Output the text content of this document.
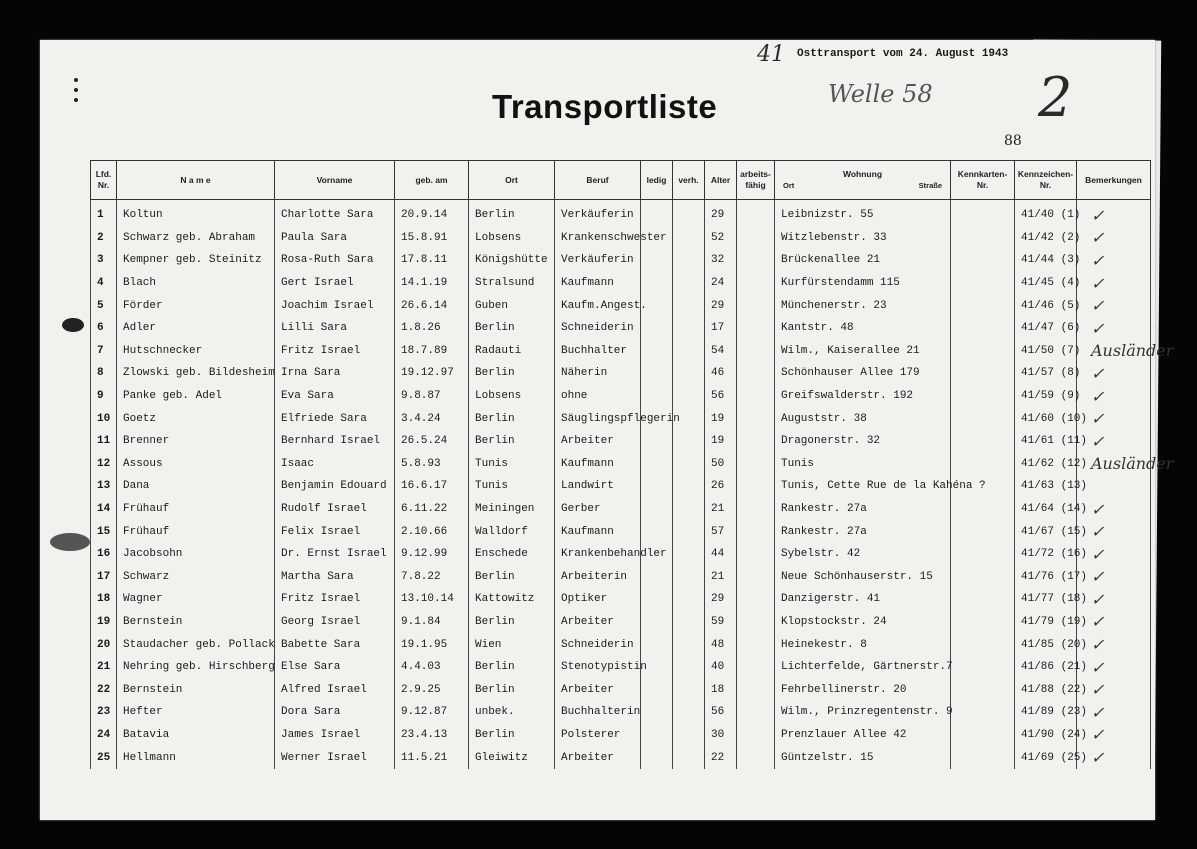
Osttransport vom 24. August 1943
41
Transportliste	Welle 58 2
88
Lfd. Nr.	N a m e	Vorname	geb. am	Ort	Beruf	ledig	verh.	Alter	arbeits- fähig	Wohnung
Ort Straße	Kennkarten- Nr.	Kennzeichen- Nr.	Bemerkungen
1	Koltun	Charlotte Sara	20.9.14	Berlin	Verkäuferin			29		Leibnizstr. 55		41/40 (1)	✓
2	Schwarz geb. Abraham	Paula Sara	15.8.91	Lobsens	Krankenschwester			52		Witzlebenstr. 33		41/42 (2)	✓
3	Kempner geb. Steinitz	Rosa-Ruth Sara	17.8.11	Königshütte	Verkäuferin			32		Brückenallee 21		41/44 (3)	✓
4	Blach	Gert Israel	14.1.19	Stralsund	Kaufmann			24		Kurfürstendamm 115		41/45 (4)	✓
5	Förder	Joachim Israel	26.6.14	Guben	Kaufm.Angest.			29		Münchenerstr. 23		41/46 (5)	✓
6	Adler	Lilli Sara	1.8.26	Berlin	Schneiderin			17		Kantstr. 48		41/47 (6)	✓
7	Hutschnecker	Fritz Israel	18.7.89	Radauti	Buchhalter			54		Wilm., Kaiserallee 21		41/50 (7)	Ausländer
8	Zlowski geb. Bildesheim	Irna Sara	19.12.97	Berlin	Näherin			46		Schönhauser Allee 179		41/57 (8)	✓
9	Panke geb. Adel	Eva Sara	9.8.87	Lobsens	ohne			56		Greifswalderstr. 192		41/59 (9)	✓
10	Goetz	Elfriede Sara	3.4.24	Berlin	Säuglingspflegerin			19		Auguststr. 38		41/60 (10)	✓
11	Brenner	Bernhard Israel	26.5.24	Berlin	Arbeiter			19		Dragonerstr. 32		41/61 (11)	✓
12	Assous	Isaac	5.8.93	Tunis	Kaufmann			50		Tunis		41/62 (12)	Ausländer
13	Dana	Benjamin Edouard	16.6.17	Tunis	Landwirt			26		Tunis, Cette Rue de la Kahéna ?		41/63 (13)	
14	Frühauf	Rudolf Israel	6.11.22	Meiningen	Gerber			21		Rankestr. 27a		41/64 (14)	✓
15	Frühauf	Felix Israel	2.10.66	Walldorf	Kaufmann			57		Rankestr. 27a		41/67 (15)	✓
16	Jacobsohn	Dr. Ernst Israel	9.12.99	Enschede	Krankenbehandler			44		Sybelstr. 42		41/72 (16)	✓
17	Schwarz	Martha Sara	7.8.22	Berlin	Arbeiterin			21		Neue Schönhauserstr. 15		41/76 (17)	✓
18	Wagner	Fritz Israel	13.10.14	Kattowitz	Optiker			29		Danzigerstr. 41		41/77 (18)	✓
19	Bernstein	Georg Israel	9.1.84	Berlin	Arbeiter			59		Klopstockstr. 24		41/79 (19)	✓
20	Staudacher geb. Pollack	Babette Sara	19.1.95	Wien	Schneiderin			48		Heinekestr. 8		41/85 (20)	✓
21	Nehring geb. Hirschberg	Else Sara	4.4.03	Berlin	Stenotypistin			40		Lichterfelde, Gärtnerstr.7		41/86 (21)	✓
22	Bernstein	Alfred Israel	2.9.25	Berlin	Arbeiter			18		Fehrbellinerstr. 20		41/88 (22)	✓
23	Hefter	Dora Sara	9.12.87	unbek.	Buchhalterin			56		Wilm., Prinzregentenstr. 9		41/89 (23)	✓
24	Batavia	James Israel	23.4.13	Berlin	Polsterer			30		Prenzlauer Allee 42		41/90 (24)	✓
25	Hellmann	Werner Israel	11.5.21	Gleiwitz	Arbeiter			22		Güntzelstr. 15		41/69 (25)	✓
